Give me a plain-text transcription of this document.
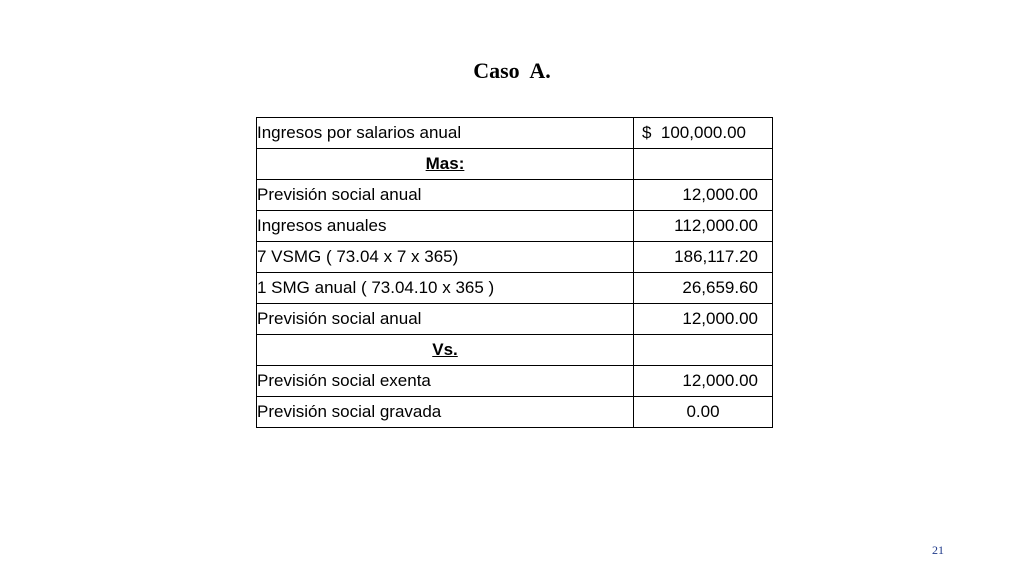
Caso  A.
Ingresos por salarios anual	$  100,000.00
Mas:	
Previsión social anual	12,000.00
Ingresos anuales	112,000.00
7 VSMG ( 73.04 x 7 x 365)	186,117.20
1 SMG anual ( 73.04.10 x 365 )	26,659.60
Previsión social anual	12,000.00
Vs.	
Previsión social exenta	12,000.00
Previsión social gravada	0.00
21
